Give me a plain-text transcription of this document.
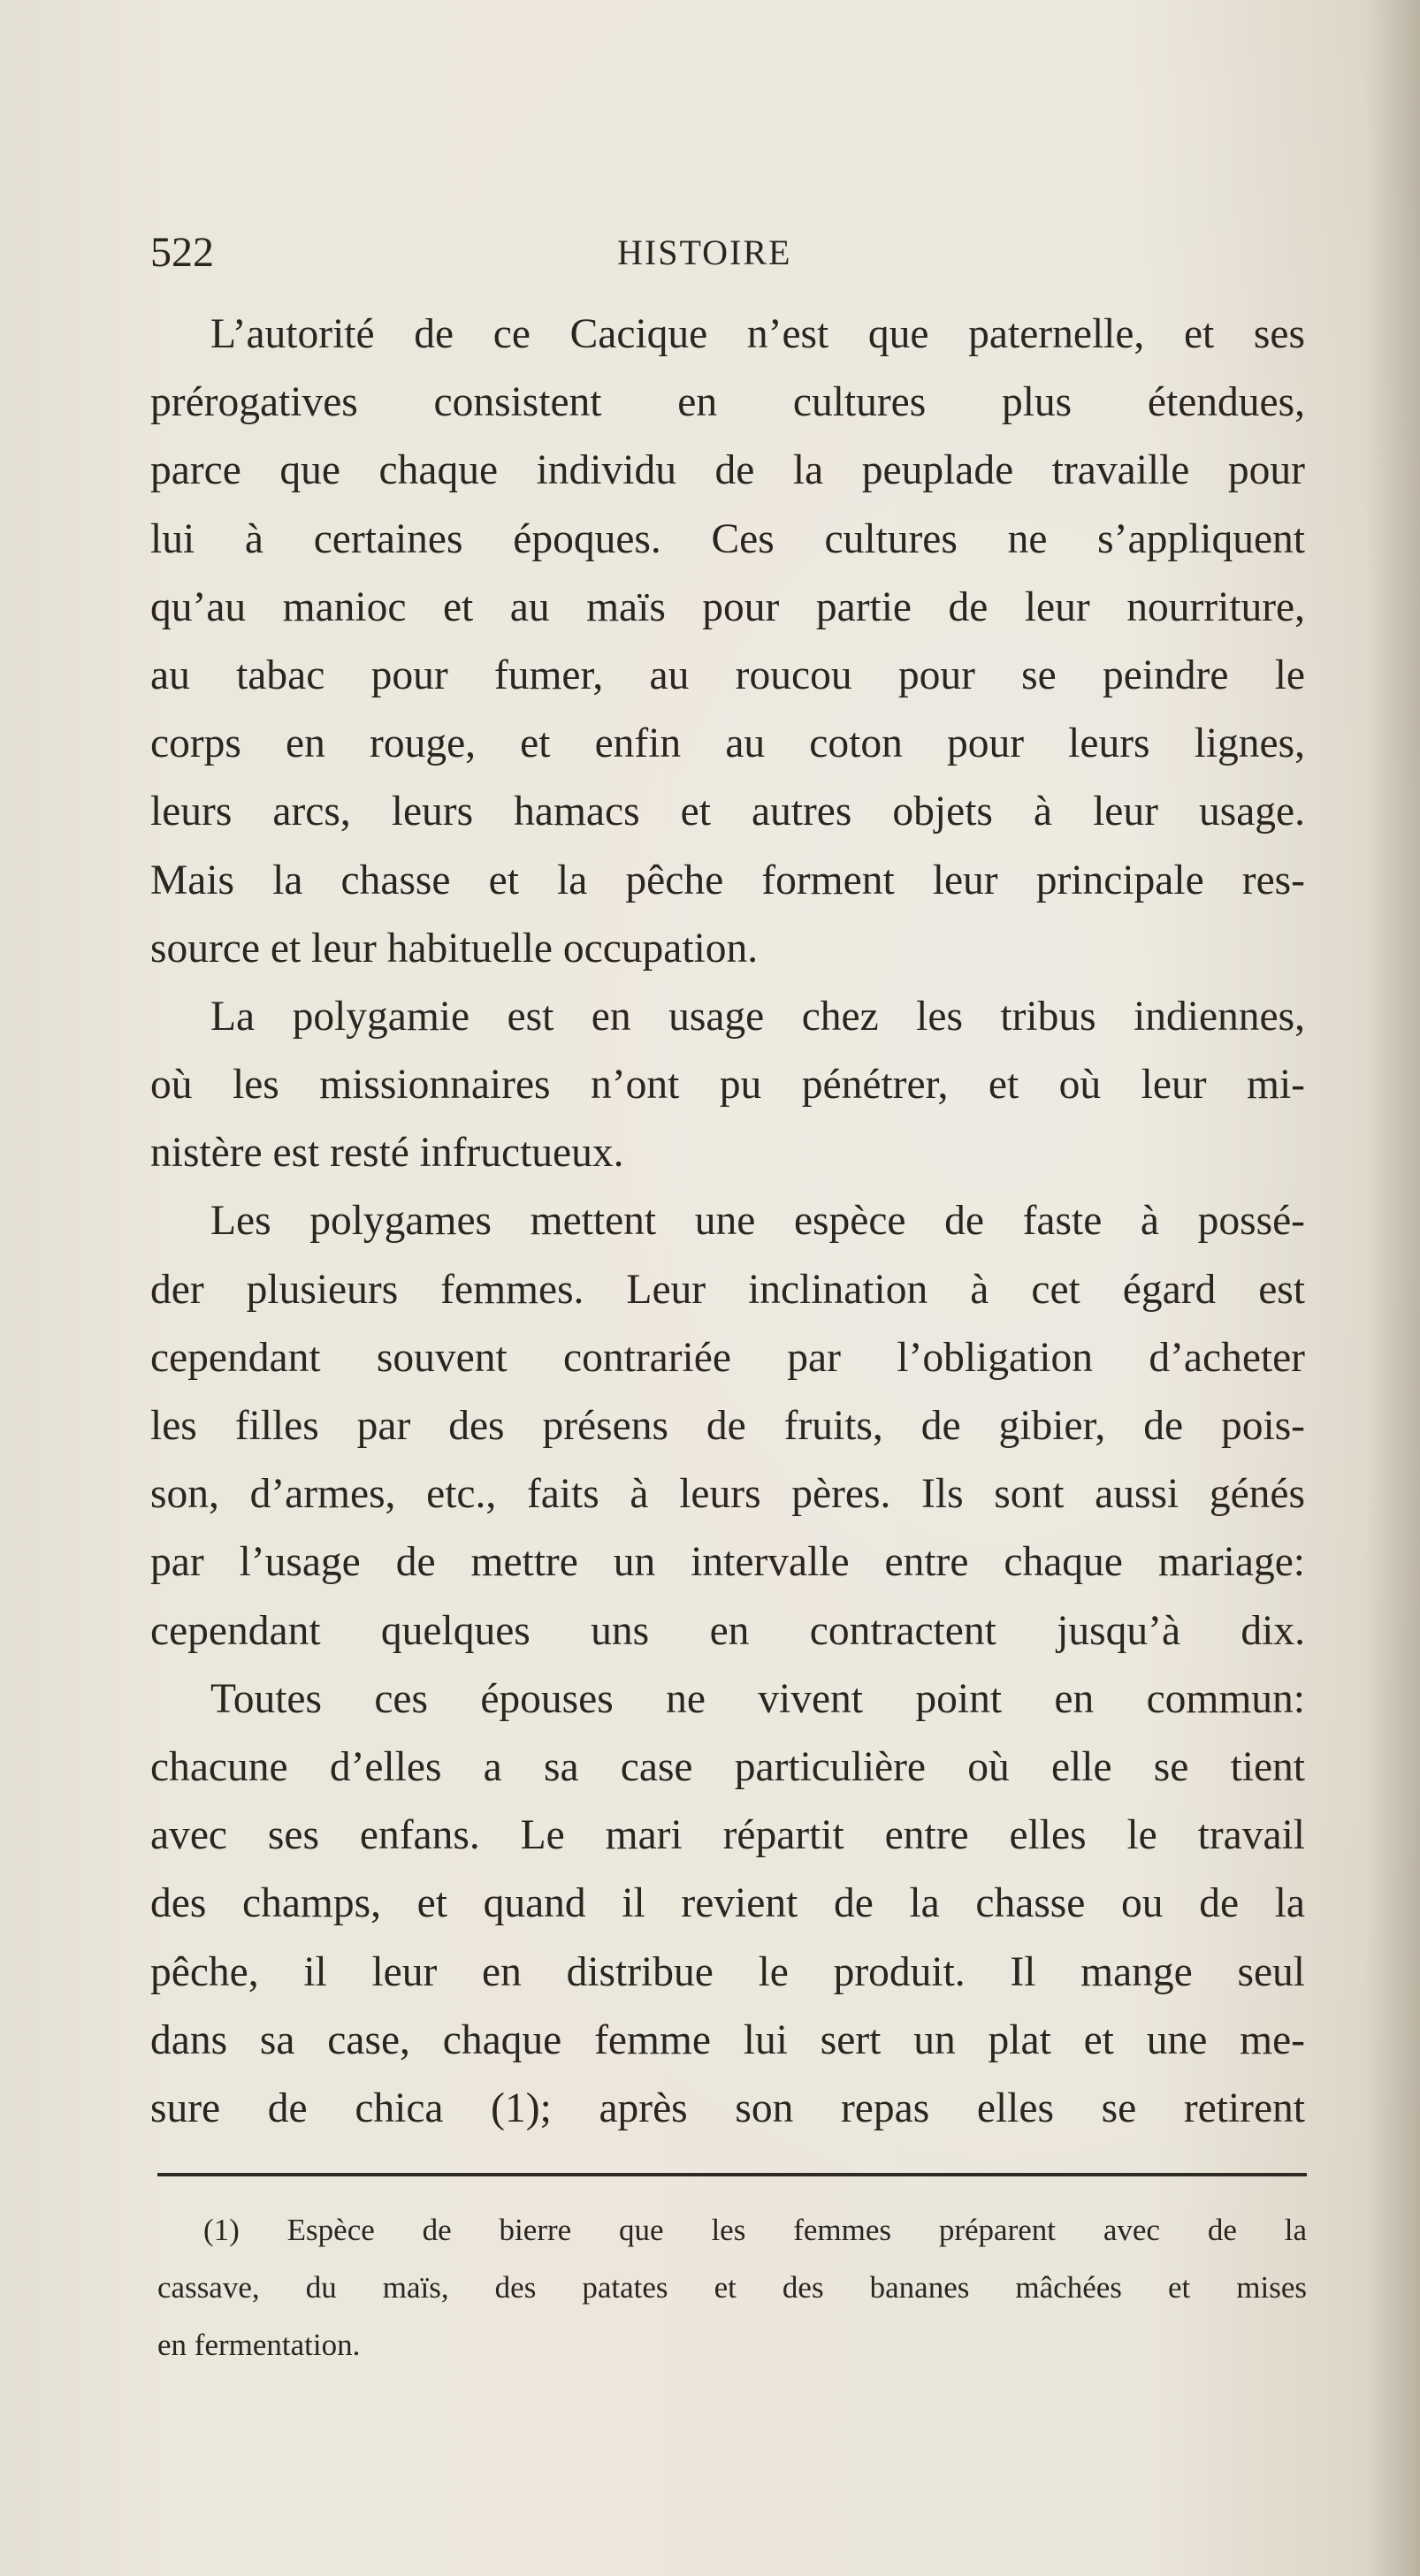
522	HISTOIRE
L’autorité de ce Cacique n’est que paternelle, et ses
prérogatives consistent en cultures plus étendues,
parce que chaque individu de la peuplade travaille pour
lui à certaines époques. Ces cultures ne s’appliquent
qu’au manioc et au maïs pour partie de leur nourriture,
au tabac pour fumer, au roucou pour se peindre le
corps en rouge, et enfin au coton pour leurs lignes,
leurs arcs, leurs hamacs et autres objets à leur usage.
Mais la chasse et la pêche forment leur principale res-
source et leur habituelle occupation.
La polygamie est en usage chez les tribus indiennes,
où les missionnaires n’ont pu pénétrer, et où leur mi-
nistère est resté infructueux.
Les polygames mettent une espèce de faste à possé-
der plusieurs femmes. Leur inclination à cet égard est
cependant souvent contrariée par l’obligation d’acheter
les filles par des présens de fruits, de gibier, de pois-
son, d’armes, etc., faits à leurs pères. Ils sont aussi génés
par l’usage de mettre un intervalle entre chaque mariage:
cependant quelques uns en contractent jusqu’à dix.
Toutes ces épouses ne vivent point en commun:
chacune d’elles a sa case particulière où elle se tient
avec ses enfans. Le mari répartit entre elles le travail
des champs, et quand il revient de la chasse ou de la
pêche, il leur en distribue le produit. Il mange seul
dans sa case, chaque femme lui sert un plat et une me-
sure de chica (1); après son repas elles se retirent
(1) Espèce de bierre que les femmes préparent avec de la
cassave, du maïs, des patates et des bananes mâchées et mises
en fermentation.
